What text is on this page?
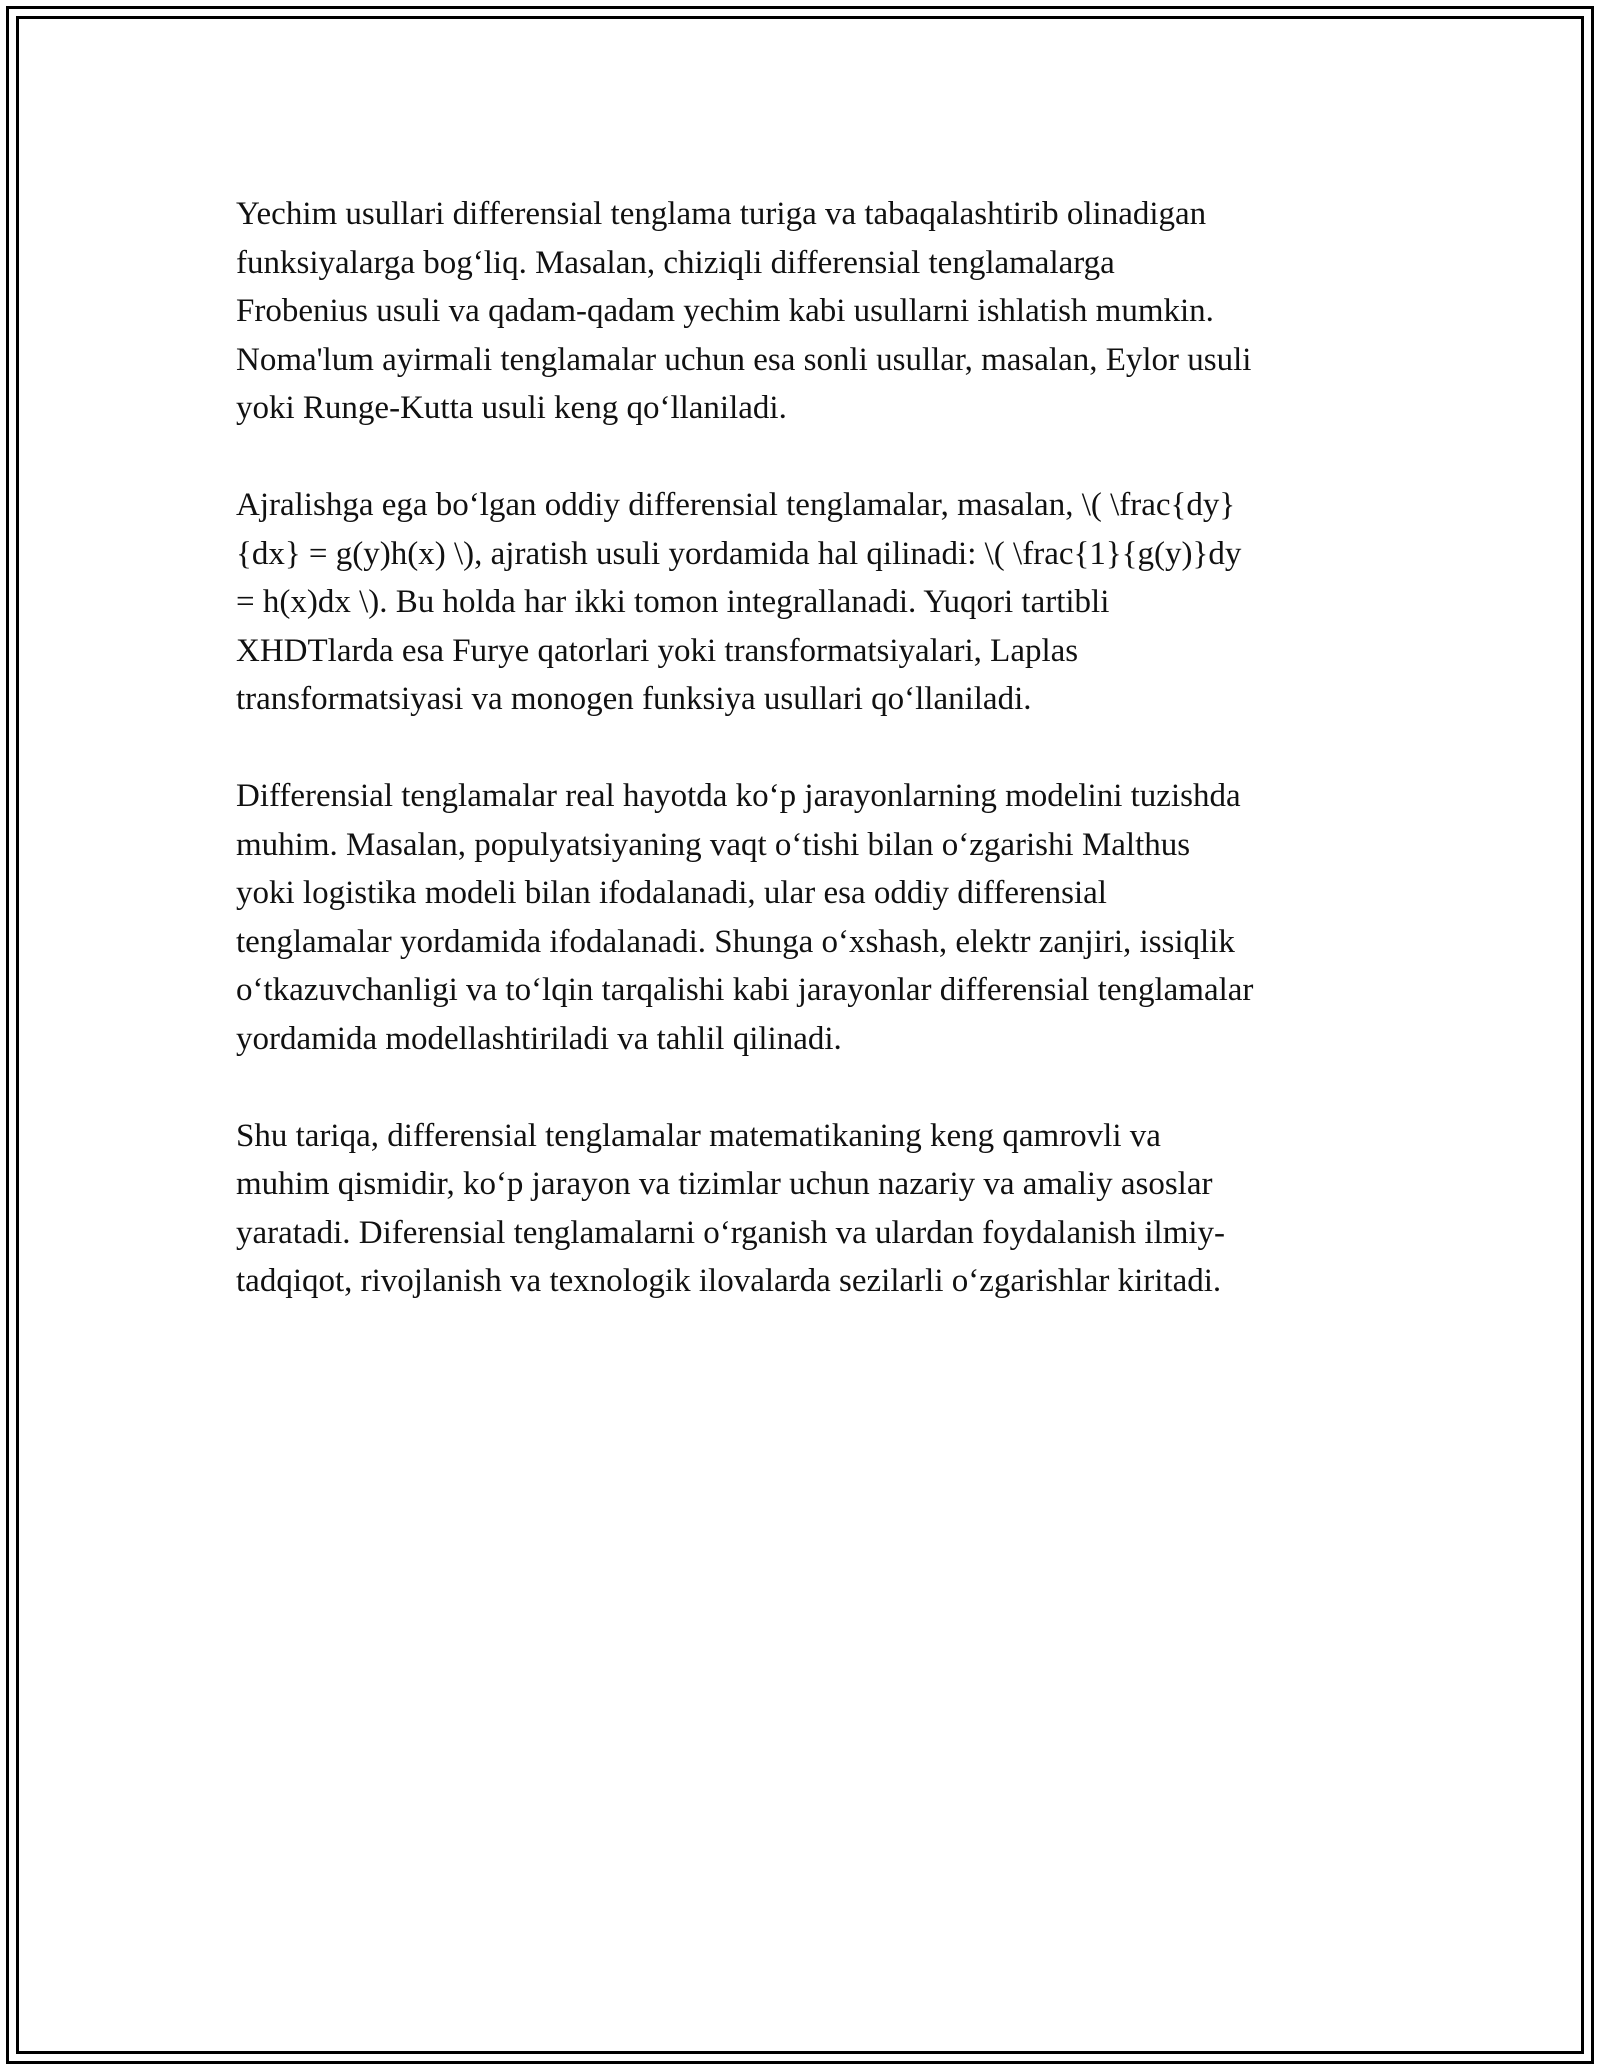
Yechim usullari differensial tenglama turiga va tabaqalashtirib olinadigan
funksiyalarga bog‘liq. Masalan, chiziqli differensial tenglamalarga
Frobenius usuli va qadam-qadam yechim kabi usullarni ishlatish mumkin.
Noma'lum ayirmali tenglamalar uchun esa sonli usullar, masalan, Eylor usuli
yoki Runge-Kutta usuli keng qo‘llaniladi.

Ajralishga ega bo‘lgan oddiy differensial tenglamalar, masalan, \( \frac{dy}
{dx} = g(y)h(x) \), ajratish usuli yordamida hal qilinadi: \( \frac{1}{g(y)}dy
= h(x)dx \). Bu holda har ikki tomon integrallanadi. Yuqori tartibli
XHDTlarda esa Furye qatorlari yoki transformatsiyalari, Laplas
transformatsiyasi va monogen funksiya usullari qo‘llaniladi.

Differensial tenglamalar real hayotda ko‘p jarayonlarning modelini tuzishda
muhim. Masalan, populyatsiyaning vaqt o‘tishi bilan o‘zgarishi Malthus
yoki logistika modeli bilan ifodalanadi, ular esa oddiy differensial
tenglamalar yordamida ifodalanadi. Shunga o‘xshash, elektr zanjiri, issiqlik
o‘tkazuvchanligi va to‘lqin tarqalishi kabi jarayonlar differensial tenglamalar
yordamida modellashtiriladi va tahlil qilinadi.

Shu tariqa, differensial tenglamalar matematikaning keng qamrovli va
muhim qismidir, ko‘p jarayon va tizimlar uchun nazariy va amaliy asoslar
yaratadi. Diferensial tenglamalarni o‘rganish va ulardan foydalanish ilmiy-
tadqiqot, rivojlanish va texnologik ilovalarda sezilarli o‘zgarishlar kiritadi.
